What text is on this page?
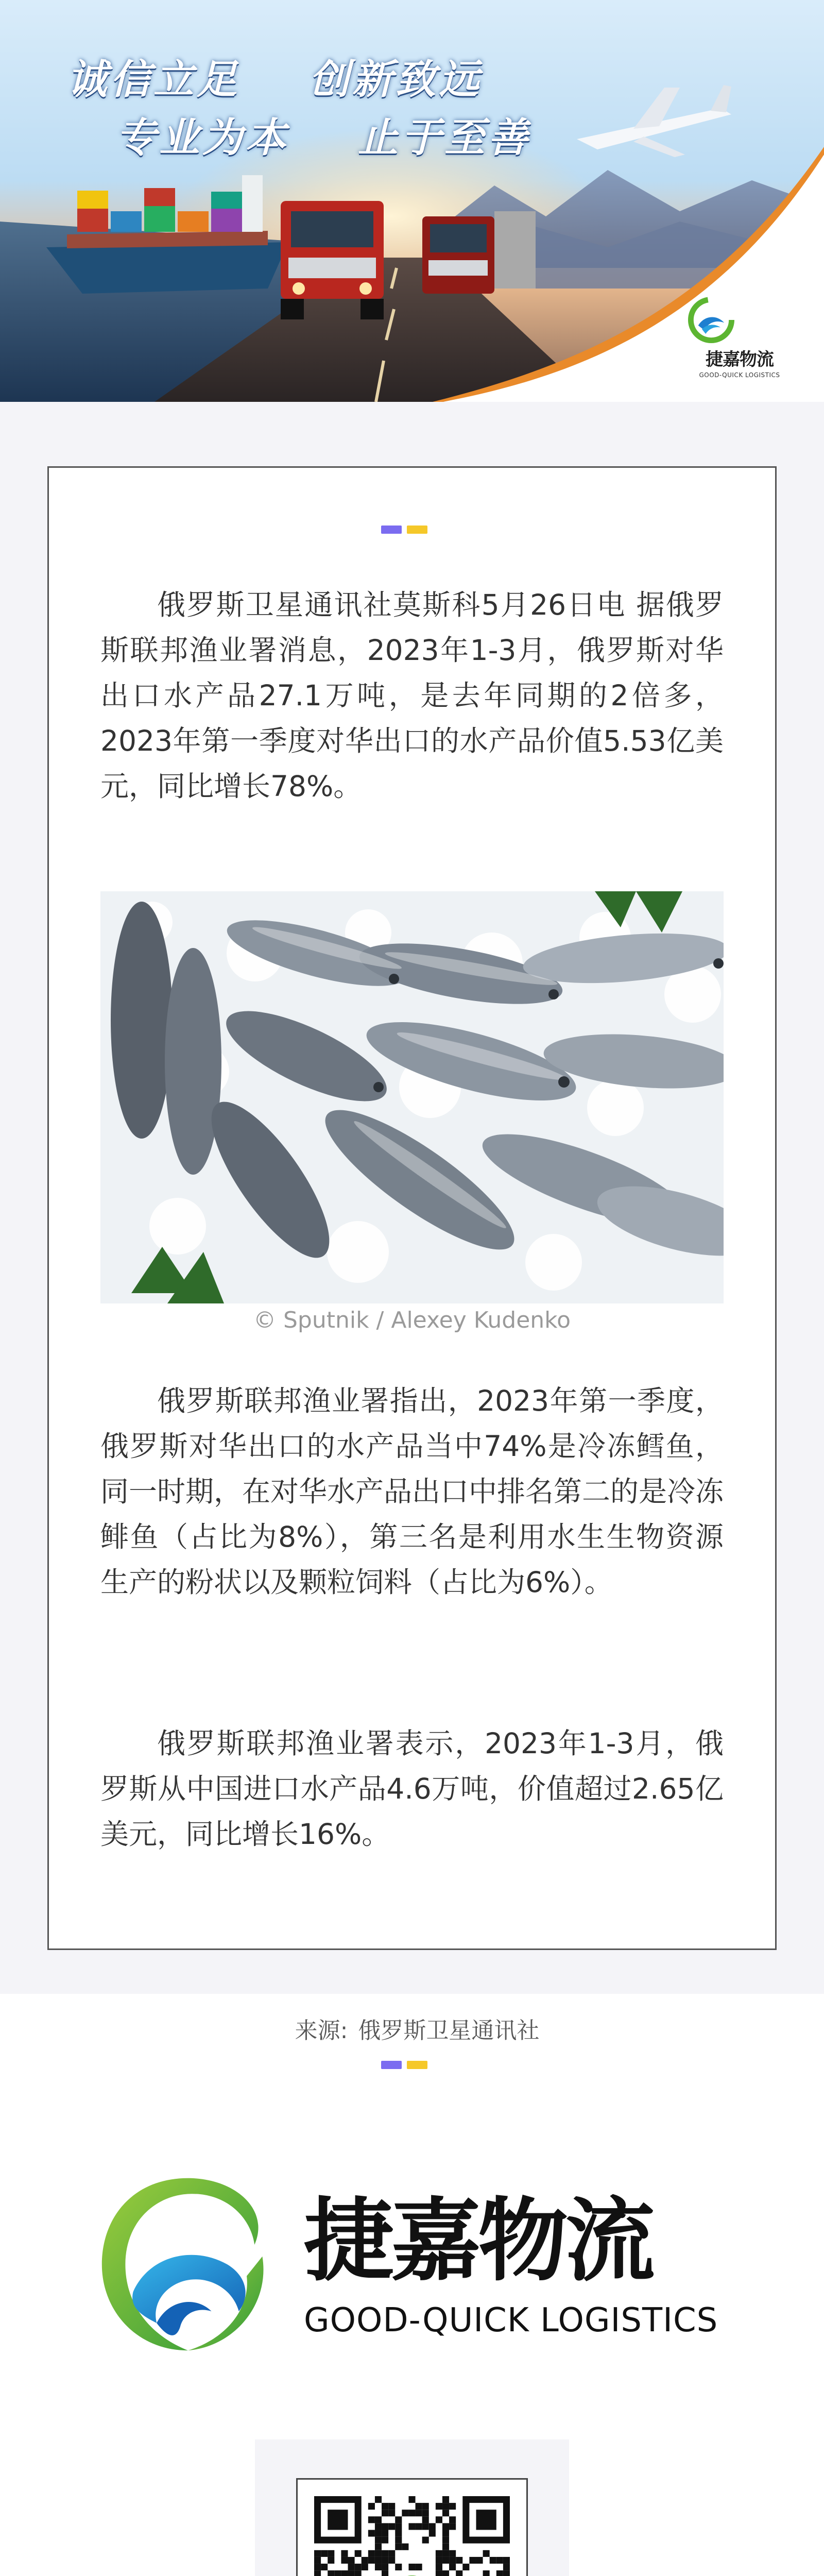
诚信立足 创新致远
专业为本 止于至善
捷嘉物流
GOOD-QUICK LOGISTICS

俄罗斯卫星通讯社莫斯科5月26日电 据俄罗斯联邦渔业署消息，2023年1-3月，俄罗斯对华出口水产品27.1万吨，是去年同期的2倍多，2023年第一季度对华出口的水产品价值5.53亿美元，同比增长78%。

© Sputnik / Alexey Kudenko

俄罗斯联邦渔业署指出，2023年第一季度，俄罗斯对华出口的水产品当中74%是冷冻鳕鱼，同一时期，在对华水产品出口中排名第二的是冷冻鲱鱼（占比为8%），第三名是利用水生生物资源生产的粉状以及颗粒饲料（占比为6%）。

俄罗斯联邦渔业署表示，2023年1-3月，俄罗斯从中国进口水产品4.6万吨，价值超过2.65亿美元，同比增长16%。

来源: 俄罗斯卫星通讯社
捷嘉物流
GOOD-QUICK LOGISTICS
